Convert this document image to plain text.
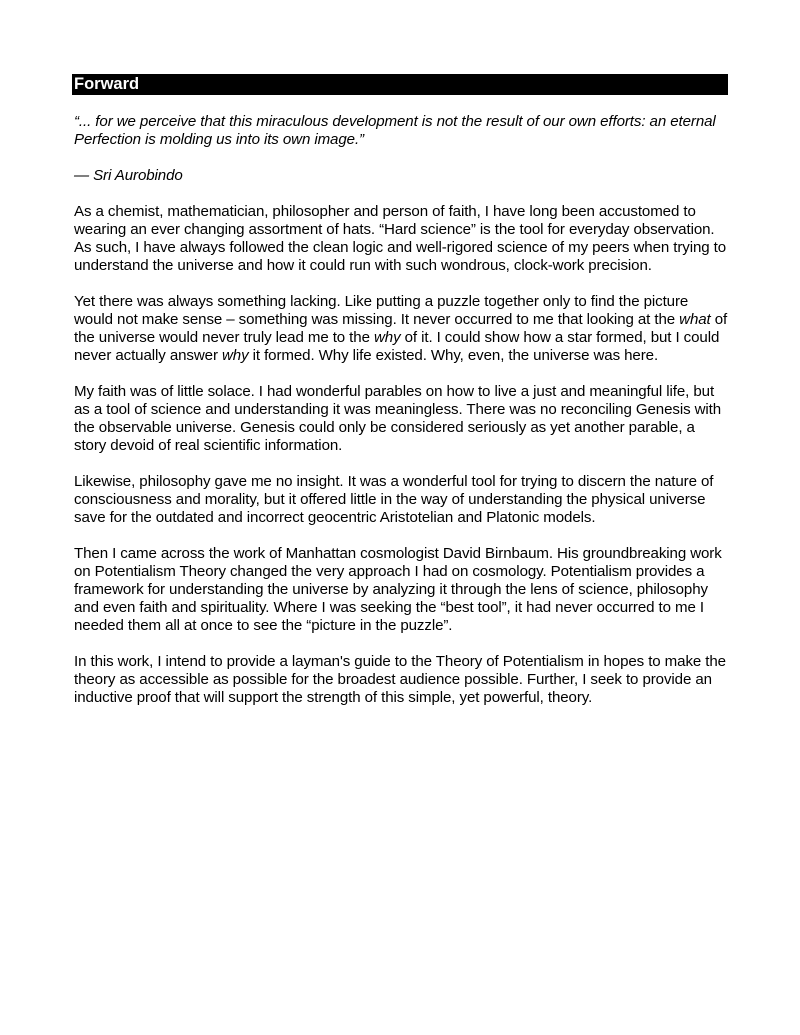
Forward

“... for we perceive that this miraculous development is not the result of our own efforts: an eternal Perfection is molding us into its own image.”

— Sri Aurobindo

As a chemist, mathematician, philosopher and person of faith, I have long been accustomed to wearing an ever changing assortment of hats. “Hard science” is the tool for everyday observation. As such, I have always followed the clean logic and well-rigored science of my peers when trying to understand the universe and how it could run with such wondrous, clock-work precision.

Yet there was always something lacking. Like putting a puzzle together only to find the picture would not make sense – something was missing. It never occurred to me that looking at the what of the universe would never truly lead me to the why of it. I could show how a star formed, but I could never actually answer why it formed. Why life existed. Why, even, the universe was here.

My faith was of little solace. I had wonderful parables on how to live a just and meaningful life, but as a tool of science and understanding it was meaningless. There was no reconciling Genesis with the observable universe. Genesis could only be considered seriously as yet another parable, a story devoid of real scientific information.

Likewise, philosophy gave me no insight. It was a wonderful tool for trying to discern the nature of consciousness and morality, but it offered little in the way of understanding the physical universe save for the outdated and incorrect geocentric Aristotelian and Platonic models.

Then I came across the work of Manhattan cosmologist David Birnbaum. His groundbreaking work on Potentialism Theory changed the very approach I had on cosmology. Potentialism provides a framework for understanding the universe by analyzing it through the lens of science, philosophy and even faith and spirituality. Where I was seeking the “best tool”, it had never occurred to me I needed them all at once to see the “picture in the puzzle”.

In this work, I intend to provide a layman's guide to the Theory of Potentialism in hopes to make the theory as accessible as possible for the broadest audience possible. Further, I seek to provide an inductive proof that will support the strength of this simple, yet powerful, theory.
